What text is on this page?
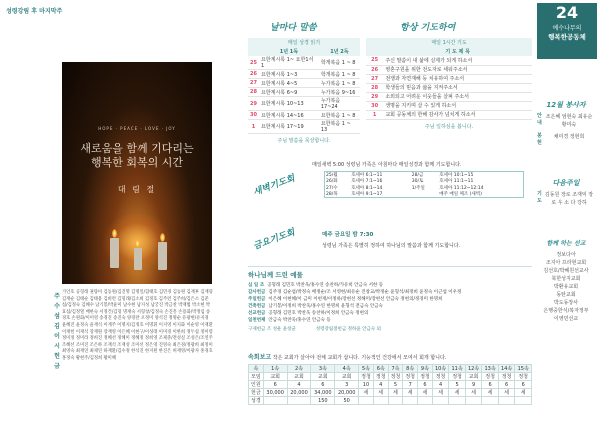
성령강림 후 마지막주
HOPE · PEACE · LOVE · JOY
새로움을 함께 기다리는
행복한 회복의 시간
대 림 절
주 수 섬 김 이 시 헌 금
가인호 공형래 권량미 김동원/김진명 김명일/함태호 김민경 김동원 김재후 김재형 김재순 김태순 김태용 김희련 김형래/김소희 김정호 김주련 김주희/김은소 김준섭/김정숙 김해수 남기봉/박윤미 남수현 남지성 남궁진 박금찬 박재범 박소현 박효섭/김정열 배한숙 서정건/김형 명재숙 서형창/김정숙 손진흥 손용화/박정임 송경호 손원화/이미영 송경진 송진숙 양경란 오정미 양석진 정명순 유광현/유지경 윤혜진 윤정숙 윤재석 이계주 이명지/김정호 이명휘 이지영 이지화 이순영 이재환 이재헌 이재석 장재원 장재영 이은혜 이현구/이성래 이미경 이한희 정두섭 정미령 정미정 정미라 정희진 정혜선 정혜미 정혜정 정희영 조제준/전성실 조성은/조연주 조혜선 조미진 조은하 조재석 조재성 조미선 정은영 진영숙 최은경/정광희 최정미 최영숙 최재연 최제연 하재환/김수정 한석진 한지원 한진은 허재영/이광자 홍경호 홍정숙 황현주/김정희 황미혜
날마다 말씀
매일 성경 읽기
	1년 1독	1년 2독
25	요한계시록 1~ 요한1서 1	학개복음 1 ~ 8
26	요한계시록 1~3	학개복음 1 ~ 8
27	요한계시록 4~5	누가복음 1 ~ 8
28	요한계시록 6~9	누가복음 9~16
29	요한계시록 10~13	누가복음 17~24
30	요한계시록 14~16	요한복음 1 ~ 8
1	요한계시록 17~19	요한복음 1 ~ 13
주님 말씀을 묵상합니다.
항상 기도하여
매일 1시간 기도
	기 도 제 목
25	주신 말씀이 내 삶에 실제가 되게 하소서
26	영혼구원을 위한 전도자로 세워주소서
27	전쟁과 자연재해 등 치유하여 주소서
28	학생들의 믿음과 삶을 지켜주소서
29	소외되고 어려운 이웃들을 살펴 주소서
30	생명을 지키며 살 수 있게 하소서
1	교회 공동체의 한해 감사가 넘치게 하소서
주님 일하심을 봅니다.
새벽기도회
매일새벽 5:00 성령님 가족은 아침마다 매일성경과 함께 기도합니다.
25/월	호세아 6:1~11	28/금	호세아 10:1~15
26/화	호세아 7:1~16	30/토	호세아 11:1~11
27/수	호세아 8:1~14	1/주일	호세아 11:12~12:14
28/목	호세아 9:1~17		매주 매일 체조 (새벽)
금요기도회	매주 금요일 밤 7:30
성령님 가족은 특별히 정하여 하나님의 말씀과 함께 기도합니다.
하나님께 드린 예물
십 일 조 공형래 김민호 박찬욱/홍수연 송찬하/가유희 안금숙 서한 등
감사헌금 김주경 김순섭/박정숙 배정순/조 서영현/최유순 진창교/박정순 윤형석/최정희 윤정숙 이근섭 이우정
주일헌금 이은혜 이현혜/이 금미 이현재/이정하/장현선 정해미/장현선 안금숙 정현의/정경미 한명희
건축헌금 남기봉/이정희 박찬욱/홍수연 한명희 윤형석 전금숙 안금숙
선교헌금 공형래 김민호 박찬욱 송찬하/이정희 안금숙 정현의
일천번제 안금숙 박찬욱/홍수연 안금숙 등
구제헌금 조 성운 윤창균	성령강림절헌금 정하윤 안금숙 외
속회보고 작은 교회가 살아야 전체 교회가 삽니다. 기능적인 건강에서 모여서 회개 합니다.
속	1속	2속	3속	4속	5속	6속	7속	8속	9속	10속	11속	12속	13속	14속	15속
모임	교회	교회	교회	교회	정청	정청	정청	정청	정청	정청	정청	교회	정청	정청	정청
인원	6	4	6	3	10	4	5	7	6	4	5	9	6	6	6
헌금	30,000	20,000	34,000	20,000	세	세	세	세	세	세	세	세	세	세	세
성경			150	50											
24
예수나무의
행복한공동체
12월 봉사자
안내
조은혜 엄현숙 최유순 황미숙
봉헌
채미경 정현희
다음주일
기도
김동원 장로 조재익 장로 우 소 다 강하
함께 하는 선교
정보다아
조지아 프라현교회
김선호/박혜원선교사
북한성지교회
박환유교회
동탄교회
박도동장사
은행중한식/복자정부
이영민선교
